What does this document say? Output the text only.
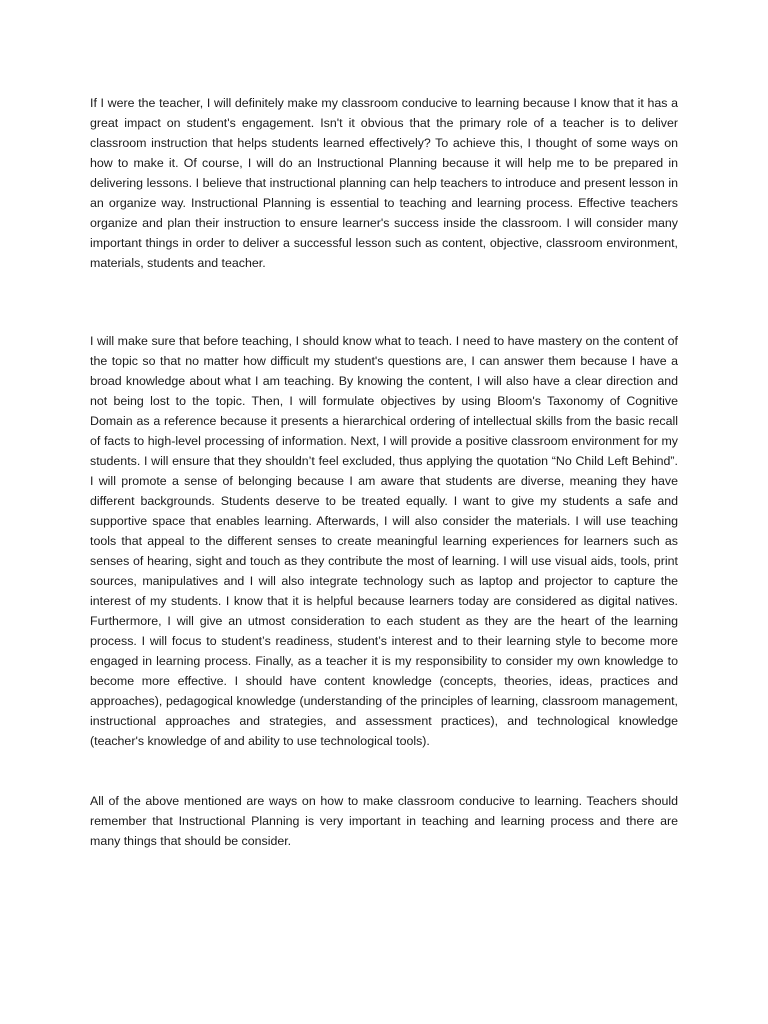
If I were the teacher, I will definitely make my classroom conducive to learning because I know that it has a great impact on student's engagement. Isn't it obvious that the primary role of a teacher is to deliver classroom instruction that helps students learned effectively? To achieve this, I thought of some ways on how to make it. Of course, I will do an Instructional Planning because it will help me to be prepared in delivering lessons. I believe that instructional planning can help teachers to introduce and present lesson in an organize way. Instructional Planning is essential to teaching and learning process. Effective teachers organize and plan their instruction to ensure learner's success inside the classroom. I will consider many important things in order to deliver a successful lesson such as content, objective, classroom environment, materials, students and teacher.

I will make sure that before teaching, I should know what to teach. I need to have mastery on the content of the topic so that no matter how difficult my student's questions are, I can answer them because I have a broad knowledge about what I am teaching. By knowing the content, I will also have a clear direction and not being lost to the topic. Then, I will formulate objectives by using Bloom's Taxonomy of Cognitive Domain as a reference because it presents a hierarchical ordering of intellectual skills from the basic recall of facts to high-level processing of information. Next, I will provide a positive classroom environment for my students. I will ensure that they shouldn’t feel excluded, thus applying the quotation “No Child Left Behind”. I will promote a sense of belonging because I am aware that students are diverse, meaning they have different backgrounds. Students deserve to be treated equally. I want to give my students a safe and supportive space that enables learning. Afterwards, I will also consider the materials. I will use teaching tools that appeal to the different senses to create meaningful learning experiences for learners such as senses of hearing, sight and touch as they contribute the most of learning. I will use visual aids, tools, print sources, manipulatives and I will also integrate technology such as laptop and projector to capture the interest of my students. I know that it is helpful because learners today are considered as digital natives. Furthermore, I will give an utmost consideration to each student as they are the heart of the learning process. I will focus to student’s readiness, student’s interest and to their learning style to become more engaged in learning process. Finally, as a teacher it is my responsibility to consider my own knowledge to become more effective. I should have content knowledge (concepts, theories, ideas, practices and approaches), pedagogical knowledge (understanding of the principles of learning, classroom management, instructional approaches and strategies, and assessment practices), and technological knowledge (teacher's knowledge of and ability to use technological tools).

All of the above mentioned are ways on how to make classroom conducive to learning. Teachers should remember that Instructional Planning is very important in teaching and learning process and there are many things that should be consider.
